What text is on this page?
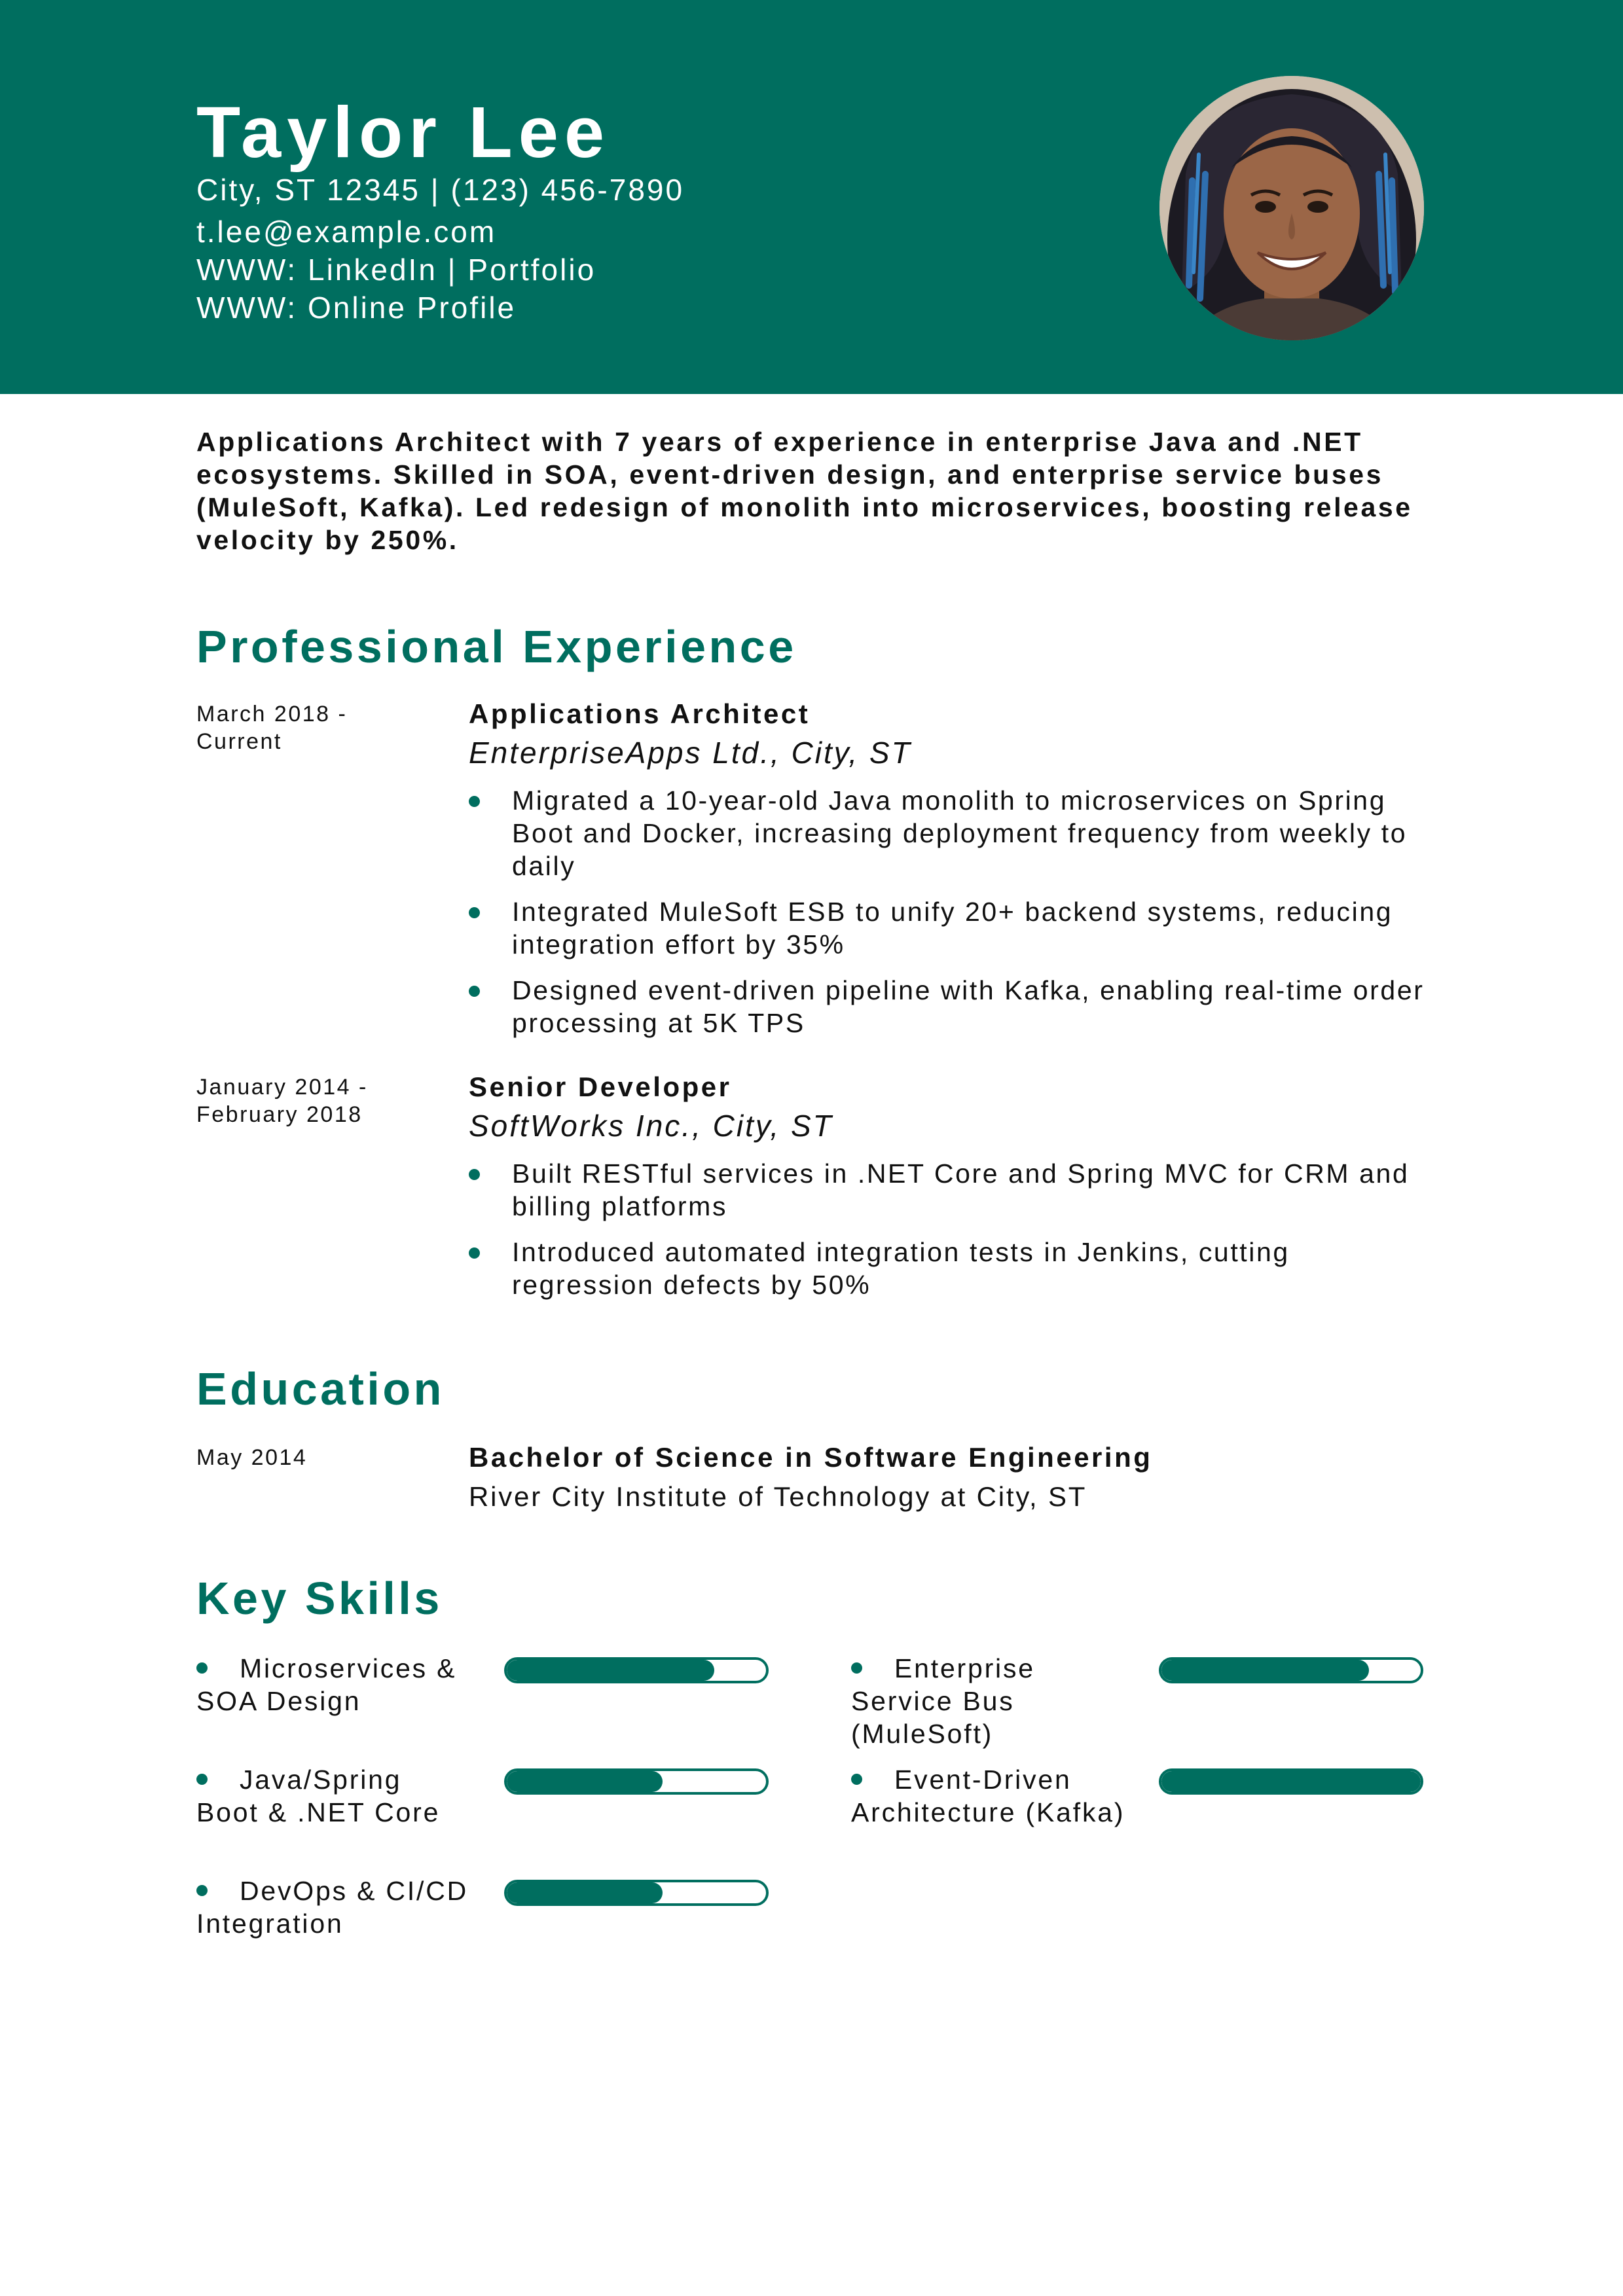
Taylor Lee
City, ST 12345 | (123) 456-7890
t.lee@example.com
WWW: LinkedIn | Portfolio
WWW: Online Profile
Applications Architect with 7 years of experience in enterprise Java and .NET ecosystems. Skilled in SOA, event-driven design, and enterprise service buses (MuleSoft, Kafka). Led redesign of monolith into microservices, boosting release velocity by 250%.
Professional Experience
March 2018 - Current
Applications Architect
EnterpriseApps Ltd., City, ST
Migrated a 10-year-old Java monolith to microservices on Spring Boot and Docker, increasing deployment frequency from weekly to daily
Integrated MuleSoft ESB to unify 20+ backend systems, reducing integration effort by 35%
Designed event-driven pipeline with Kafka, enabling real-time order processing at 5K TPS
January 2014 - February 2018
Senior Developer
SoftWorks Inc., City, ST
Built RESTful services in .NET Core and Spring MVC for CRM and billing platforms
Introduced automated integration tests in Jenkins, cutting regression defects by 50%
Education
May 2014	Bachelor of Science in Software Engineering
River City Institute of Technology at City, ST
Key Skills
Microservices & SOA Design
Enterprise Service Bus (MuleSoft)
Java/Spring Boot & .NET Core
Event-Driven Architecture (Kafka)
DevOps & CI/CD Integration
